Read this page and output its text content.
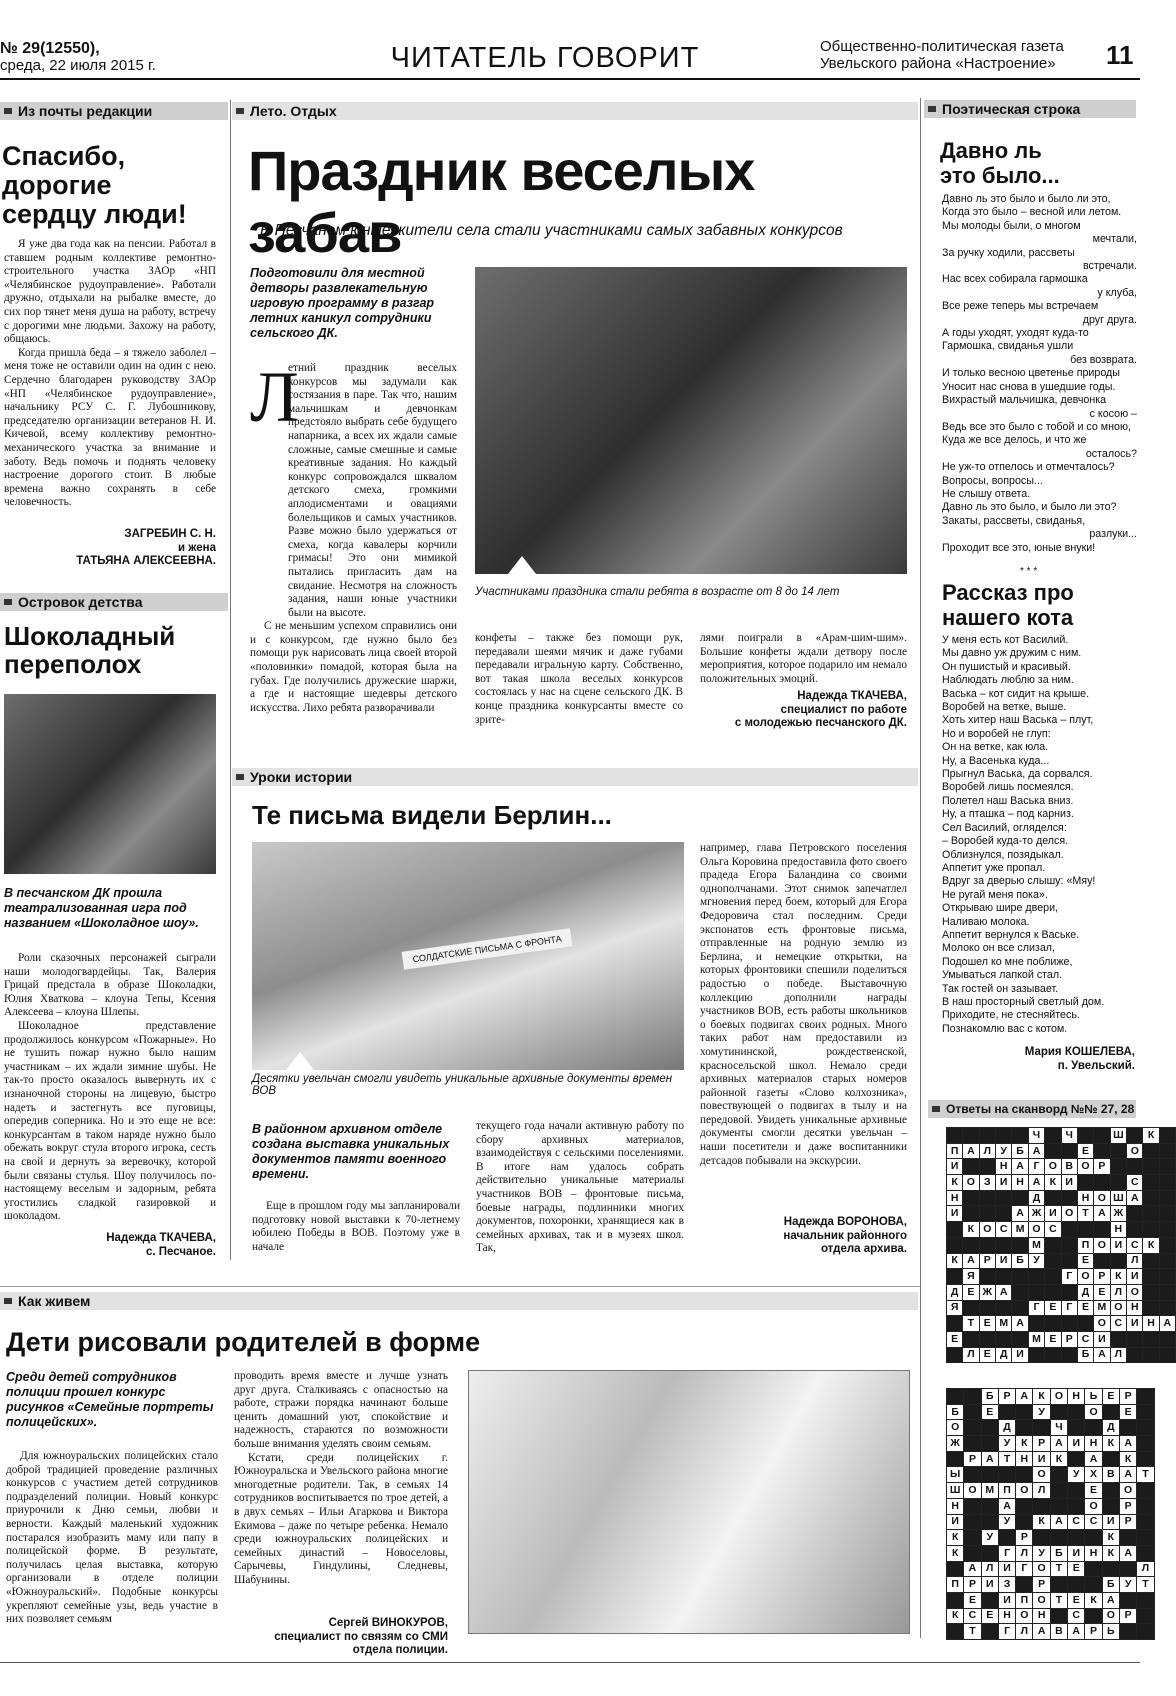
№ 29(12550),
среда, 22 июля 2015 г.	ЧИТАТЕЛЬ ГОВОРИТ	Общественно-политическая газета
Увельского района «Настроение»	11
Из почты редакции
Спасибо,
дорогие
сердцу люди!

Я уже два года как на пенсии. Работал в ставшем родным коллективе ремонтно-строительного участка ЗАОр «НП «Челябинское рудоуправление». Работали дружно, отдыхали на рыбалке вместе, до сих пор тянет меня душа на работу, встречу с дорогими мне людьми. Захожу на работу, общаюсь.

Когда пришла беда – я тяжело заболел – меня тоже не оставили один на один с нею. Сердечно благодарен руководству ЗАОр «НП «Челябинское рудоуправление», начальнику РСУ С. Г. Лубошникову, председателю организации ветеранов Н. И. Кичевой, всему коллективу ремонтно-механического участка за внимание и заботу. Ведь помочь и поднять человеку настроение дорогого стоит. В любые времена важно сохранять в себе человечность.

ЗАГРЕБИН С. Н.
и жена
ТАТЬЯНА АЛЕКСЕЕВНА.
Островок детства
Шоколадный
переполох
В песчанском ДК прошла театрализованная игра под названием «Шоколадное шоу».

Роли сказочных персонажей сыграли наши молодогвардейцы. Так, Валерия Грицай предстала в образе Шоколадки, Юлия Хваткова – клоуна Тепы, Ксения Алексеева – клоуна Шлепы.

Шоколадное представление продолжилось конкурсом «Пожарные». Но не тушить пожар нужно было нашим участникам – их ждали зимние шубы. Не так-то просто оказалось вывернуть их с изнаночной стороны на лицевую, быстро надеть и застегнуть все пуговицы, опередив соперника. Но и это еще не все: конкурсантам в таком наряде нужно было обежать вокруг стула второго игрока, сесть на свой и дернуть за веревочку, которой были связаны стулья. Шоу получилось по-настоящему веселым и задорным, ребята угостились сладкой газировкой и шоколадом.

Надежда ТКАЧЕВА,
с. Песчаное.
Лето. Отдых
Праздник веселых забав
В Песчаном юные жители села стали участниками самых забавных конкурсов
Подготовили для местной детворы развлекательную игровую программу в разгар летних каникул сотрудники сельского ДК.
Л

етний праздник веселых конкурсов мы задумали как состязания в паре. Так что, нашим мальчишкам и девчонкам предстояло выбрать себе будущего напарника, а всех их ждали самые сложные, самые смешные и самые креативные задания. Но каждый конкурс сопровождался шквалом детского смеха, громкими аплодисментами и овациями болельщиков и самых участников. Разве можно было удержаться от смеха, когда кавалеры корчили гримасы! Это они мимикой пытались пригласить дам на свидание. Несмотря на сложность задания, наши юные участники были на высоте.

С не меньшим успехом справились они и с конкурсом, где нужно было без помощи рук нарисовать лица своей второй «половинки» помадой, которая была на губах. Где получились дружеские шаржи, а где и настоящие шедевры детского искусства. Лихо ребята разворачивали

Участниками праздника стали ребята в возрасте от 8 до 14 лет

конфеты – также без помощи рук, передавали шеями мячик и даже губами передавали игральную карту. Собственно, вот такая школа веселых конкурсов состоялась у нас на сцене сельского ДК. В конце праздника конкурсанты вместе со зрите-

лями поиграли в «Арам-шим-шим». Большие конфеты ждали детвору после мероприятия, которое подарило им немало положительных эмоций.

Надежда ТКАЧЕВА,
специалист по работе
с молодежью песчанского ДК.
Уроки истории
Те письма видели Берлин...
СОЛДАТСКИЕ ПИСЬМА С ФРОНТА
Десятки увельчан смогли увидеть уникальные архивные документы времен ВОВ
В районном архивном отделе создана выставка уникальных документов памяти военного времени.

Еще в прошлом году мы запланировали подготовку новой выставки к 70-летнему юбилею Победы в ВОВ. Поэтому уже в начале

текущего года начали активную работу по сбору архивных материалов, взаимодействуя с сельскими поселениями. В итоге нам удалось собрать действительно уникальные материалы участников ВОВ – фронтовые письма, боевые награды, подлинники многих документов, похоронки, хранящиеся как в семейных архивах, так и в музеях школ. Так,

например, глава Петровского поселения Ольга Коровина предоставила фото своего прадеда Егора Баландина со своими однополчанами. Этот снимок запечатлел мгновения перед боем, который для Егора Федоровича стал последним. Среди экспонатов есть фронтовые письма, отправленные на родную землю из Берлина, и немецкие открытки, на которых фронтовики спешили поделиться радостью о победе. Выставочную коллекцию дополнили награды участников ВОВ, есть работы школьников о боевых подвигах своих родных. Много таких работ нам предоставили из хомутининской, рождественской, красносельской школ. Немало среди архивных материалов старых номеров районной газеты «Слово колхозника», повествующей о подвигах в тылу и на передовой. Увидеть уникальные архивные документы смогли десятки увельчан – наши посетители и даже воспитанники детсадов побывали на экскурсии.

Надежда ВОРОНОВА,
начальник районного
отдела архива.
Как живем
Дети рисовали родителей в форме
Среди детей сотрудников полиции прошел конкурс рисунков «Семейные портреты полицейских».

Для южноуральских полицейских стало доброй традицией проведение различных конкурсов с участием детей сотрудников подразделений полиции. Новый конкурс приурочили к Дню семьи, любви и верности. Каждый маленький художник постарался изобразить маму или папу в полицейской форме. В результате, получилась целая выставка, которую организовали в отделе полиции «Южноуральский». Подобные конкурсы укрепляют семейные узы, ведь участие в них позволяет семьям

проводить время вместе и лучше узнать друг друга. Сталкиваясь с опасностью на работе, стражи порядка начинают больше ценить домашний уют, спокойствие и надежность, стараются по возможности больше внимания уделять своим семьям.

Кстати, среди полицейских г. Южноуральска и Увельского района многие многодетные родители. Так, в семьях 14 сотрудников воспитывается по трое детей, а в двух семьях – Ильи Агаркова и Виктора Екимова – даже по четыре ребенка. Немало среди южноуральских полицейских и семейных династий – Новоселовы, Сарычевы, Гиндулины, Следневы, Шабунины.

Сергей ВИНОКУРОВ,
специалист по связям со СМИ
отдела полиции.
Поэтическая строка
Давно ль
это было...
Давно ль это было и было ли это,
Когда это было – весной или летом.
Мы молоды были, о многом
мечтали,
За ручку ходили, рассветы
встречали.
Нас всех собирала гармошка
у клуба,
Все реже теперь мы встречаем
друг друга.
А годы уходят, уходят куда-то
Гармошка, свиданья ушли
без возврата.
И только весною цветенье природы
Уносит нас снова в ушедшие годы.
Вихрастый мальчишка, девчонка
с косою –
Ведь все это было с тобой и со мною,
Куда же все делось, и что же
осталось?
Не уж-то отпелось и отмечталось?
Вопросы, вопросы...
Не слышу ответа.
Давно ль это было, и было ли это?
Закаты, рассветы, свиданья,
разлуки...
Проходит все это, юные внуки!
* * *
Рассказ про
нашего кота
У меня есть кот Василий.
Мы давно уж дружим с ним.
Он пушистый и красивый.
Наблюдать люблю за ним.
Васька – кот сидит на крыше.
Воробей на ветке, выше.
Хоть хитер наш Васька – плут,
Но и воробей не глуп:
Он на ветке, как юла.
Ну, а Васенька куда...
Прыгнул Васька, да сорвался.
Воробей лишь посмеялся.
Полетел наш Васька вниз.
Ну, а пташка – под карниз.
Сел Василий, огляделся:
– Воробей куда-то делся.
Облизнулся, позядыкал.
Аппетит уже пропал.
Вдруг за дверью слышу: «Мяу!
Не ругай меня пока».
Открываю шире двери,
Наливаю молока.
Аппетит вернулся к Ваське.
Молоко он все слизал,
Подошел ко мне поближе,
Умываться лапкой стал.
Так гостей он зазывает.
В наш просторный светлый дом.
Приходите, не стесняйтесь.
Познакомлю вас с котом.
Мария КОШЕЛЕВА,
п. Увельский.
Ответы на сканворд №№ 27, 28
					Ч		Ч			Ш		К	
П	А	Л	У	Б	А			Е			О		
И			Н	А	Г	О	В	О	Р				
К	О	З	И	Н	А	К	И				С		
Н					Д			Н	О	Ш	А		
И				А	Ж	И	О	Т	А	Ж			
	К	О	С	М	О	С				Н			
					М			П	О	И	С	К	
К	А	Р	И	Б	У			Е			Л		
	Я						Г	О	Р	К	И		
Д	Е	Ж	А					Д	Е	Л	О		
Я					Г	Е	Г	Е	М	О	Н		
	Т	Е	М	А					О	С	И	Н	А
Е					М	Е	Р	С	И				
	Л	Е	Д	И				Б	А	Л			
		Б	Р	А	К	О	Н	Ь	Е	Р	
Б		Е			У			О		Е	
О			Д			Ч			Д		
Ж			У	К	Р	А	И	Н	К	А	
	Р	А	Т	Н	И	К		А		К	
Ы					О		У	Х	В	А	Т
Ш	О	М	П	О	Л			Е		О	
Н			А					О		Р	
И			У		К	А	С	С	И	Р	
К		У		Р					К		
К			Г	Л	У	Б	И	Н	К	А	
	А	Л	И	Г	О	Т	Е				Л
П	Р	И	З		Р				Б	У	Т
	Е		И	П	О	Т	Е	К	А		
К	С	Е	Н	О	Н		С		О	Р	
	Т		Г	Л	А	В	А	Р	Ь		
